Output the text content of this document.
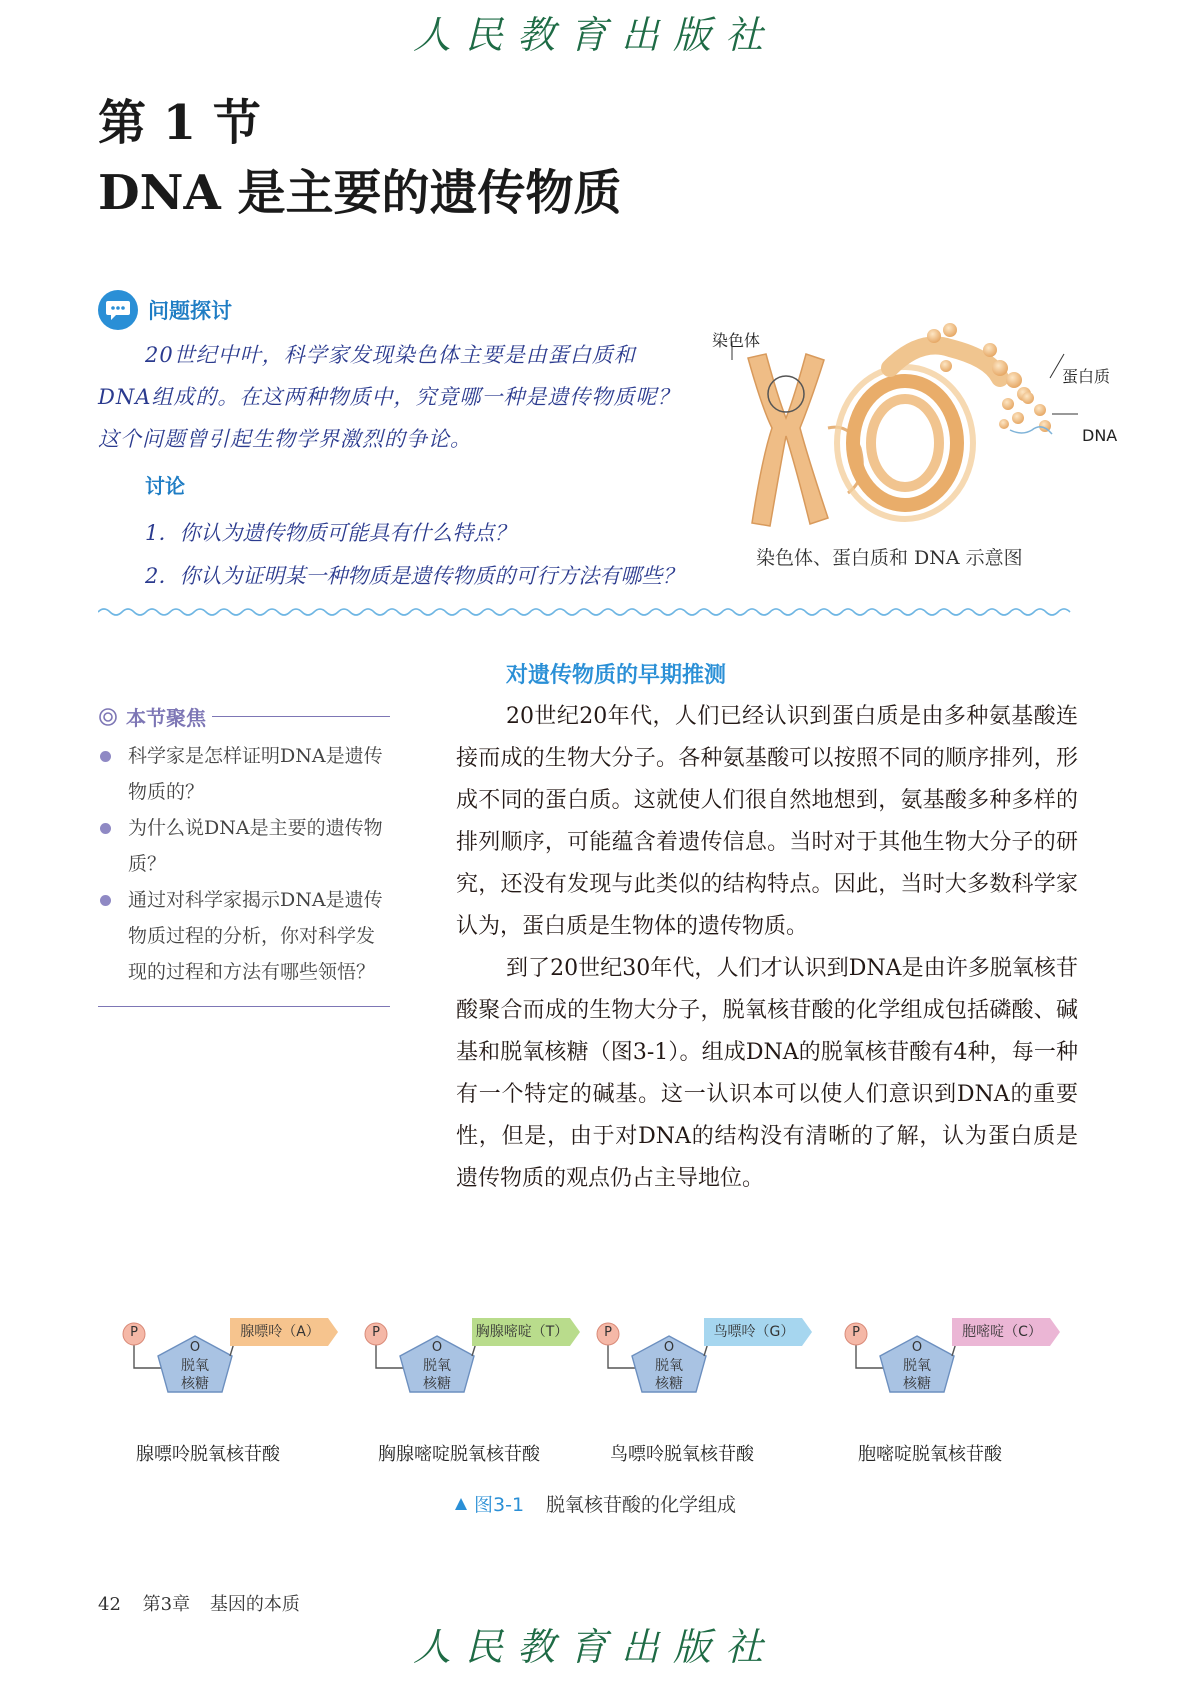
人民教育出版社
第 1 节
DNA 是主要的遗传物质
问题探讨

20世纪中叶，科学家发现染色体主要是由蛋白质和DNA组成的。在这两种物质中，究竟哪一种是遗传物质呢？这个问题曾引起生物学界激烈的争论。

讨论
1．你认为遗传物质可能具有什么特点？
2．你认为证明某一种物质是遗传物质的可行方法有哪些？
染色体
蛋白质
DNA
染色体、蛋白质和 DNA 示意图
本节聚焦
科学家是怎样证明DNA是遗传物质的？
为什么说DNA是主要的遗传物质？
通过对科学家揭示DNA是遗传物质过程的分析，你对科学发现的过程和方法有哪些领悟？
对遗传物质的早期推测

20世纪20年代，人们已经认识到蛋白质是由多种氨基酸连接而成的生物大分子。各种氨基酸可以按照不同的顺序排列，形成不同的蛋白质。这就使人们很自然地想到，氨基酸多种多样的排列顺序，可能蕴含着遗传信息。当时对于其他生物大分子的研究，还没有发现与此类似的结构特点。因此，当时大多数科学家认为，蛋白质是生物体的遗传物质。

到了20世纪30年代，人们才认识到DNA是由许多脱氧核苷酸聚合而成的生物大分子，脱氧核苷酸的化学组成包括磷酸、碱基和脱氧核糖（图3-1）。组成DNA的脱氧核苷酸有4种，每一种有一个特定的碱基。这一认识本可以使人们意识到DNA的重要性，但是，由于对DNA的结构没有清晰的了解，认为蛋白质是遗传物质的观点仍占主导地位。

P
O
脱氧
核糖
腺嘌呤（A）
腺嘌呤脱氧核苷酸
P
O
脱氧
核糖
胸腺嘧啶（T）
胸腺嘧啶脱氧核苷酸
P
O
脱氧
核糖
鸟嘌呤（G）
鸟嘌呤脱氧核苷酸
P
O
脱氧
核糖
胞嘧啶（C）
胞嘧啶脱氧核苷酸
图3-1 脱氧核苷酸的化学组成
42 第3章 基因的本质
人民教育出版社
